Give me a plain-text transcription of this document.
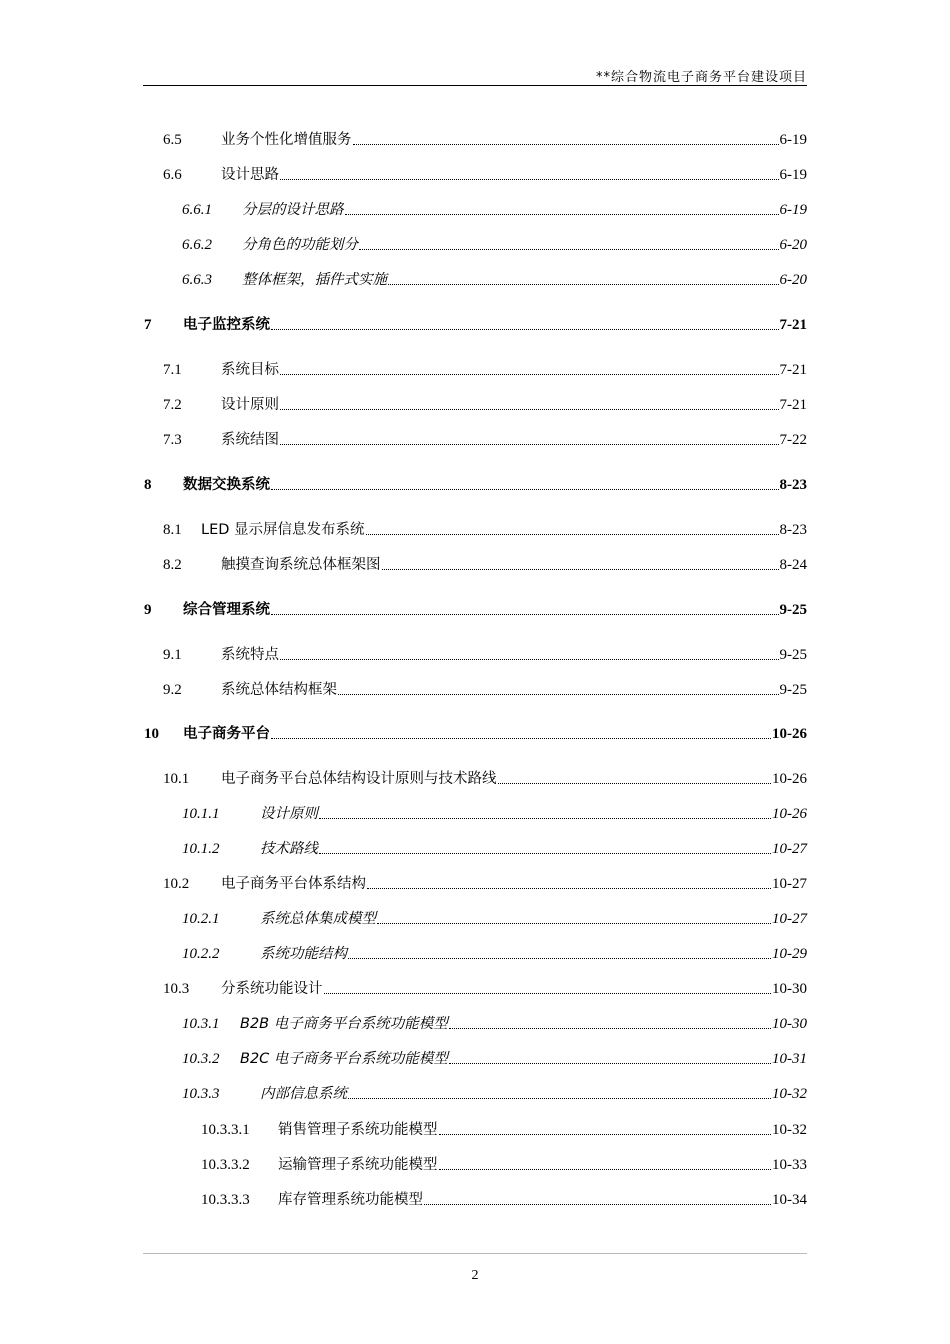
**综合物流电子商务平台建设项目
6.5	业务个性化增值服务	6-19
6.6	设计思路	6-19
6.6.1	分层的设计思路	6-19
6.6.2	分角色的功能划分	6-20
6.6.3	整体框架，插件式实施	6-20
7	电子监控系统	7-21
7.1	系统目标	7-21
7.2	设计原则	7-21
7.3	系统结图	7-22
8	数据交换系统	8-23
8.1	LED 显示屏信息发布系统	8-23
8.2	触摸查询系统总体框架图	8-24
9	综合管理系统	9-25
9.1	系统特点	9-25
9.2	系统总体结构框架	9-25
10	电子商务平台	10-26
10.1	电子商务平台总体结构设计原则与技术路线	10-26
10.1.1	设计原则	10-26
10.1.2	技术路线	10-27
10.2	电子商务平台体系结构	10-27
10.2.1	系统总体集成模型	10-27
10.2.2	系统功能结构	10-29
10.3	分系统功能设计	10-30
10.3.1	B2B 电子商务平台系统功能模型	10-30
10.3.2	B2C 电子商务平台系统功能模型	10-31
10.3.3	内部信息系统	10-32
10.3.3.1	销售管理子系统功能模型	10-32
10.3.3.2	运输管理子系统功能模型	10-33
10.3.3.3	库存管理系统功能模型	10-34
2
